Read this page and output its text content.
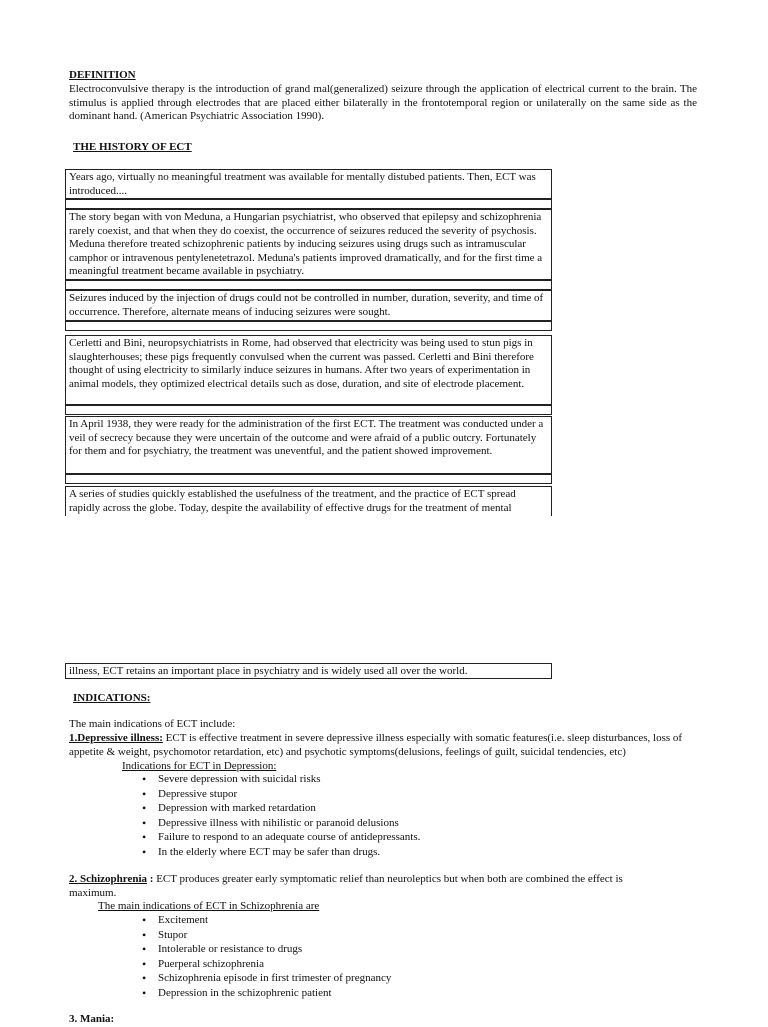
DEFINITION
Electroconvulsive therapy is the introduction of grand mal(generalized) seizure through the application of electrical current to the brain. The stimulus is applied through electrodes that are placed either bilaterally in the frontotemporal region or unilaterally on the same side as the dominant hand. (American Psychiatric Association 1990).
THE HISTORY OF ECT
Years ago, virtually no meaningful treatment was available for mentally distubed patients. Then, ECT was introduced....
The story began with von Meduna, a Hungarian psychiatrist, who observed that epilepsy and schizophrenia rarely coexist, and that when they do coexist, the occurrence of seizures reduced the severity of psychosis. Meduna therefore treated schizophrenic patients by inducing seizures using drugs such as intramuscular camphor or intravenous pentylenetetrazol. Meduna's patients improved dramatically, and for the first time a meaningful treatment became available in psychiatry.
Seizures induced by the injection of drugs could not be controlled in number, duration, severity, and time of occurrence. Therefore, alternate means of inducing seizures were sought.
Cerletti and Bini, neuropsychiatrists in Rome, had observed that electricity was being used to stun pigs in slaughterhouses; these pigs frequently convulsed when the current was passed. Cerletti and Bini therefore thought of using electricity to similarly induce seizures in humans. After two years of experimentation in animal models, they optimized electrical details such as dose, duration, and site of electrode placement.
In April 1938, they were ready for the administration of the first ECT. The treatment was conducted under a veil of secrecy because they were uncertain of the outcome and were afraid of a public outcry. Fortunately for them and for psychiatry, the treatment was uneventful, and the patient showed improvement.
A series of studies quickly established the usefulness of the treatment, and the practice of ECT spread rapidly across the globe. Today, despite the availability of effective drugs for the treatment of mental
illness, ECT retains an important place in psychiatry and is widely used all over the world.
INDICATIONS:
The main indications of ECT include:
1.Depressive illness: ECT is effective treatment in severe depressive illness especially with somatic features(i.e. sleep disturbances, loss of appetite & weight, psychomotor retardation, etc) and psychotic symptoms(delusions, feelings of guilt, suicidal tendencies, etc)
Indications for ECT in Depression:
• Severe depression with suicidal risks
• Depressive stupor
• Depression with marked retardation
• Depressive illness with nihilistic or paranoid delusions
• Failure to respond to an adequate course of antidepressants.
• In the elderly where ECT may be safer than drugs.
2. Schizophrenia : ECT produces greater early symptomatic relief than neuroleptics but when both are combined the effect is maximum.
The main indications of ECT in Schizophrenia are
• Excitement
• Stupor
• Intolerable or resistance to drugs
• Puerperal schizophrenia
• Schizophrenia episode in first trimester of pregnancy
• Depression in the schizophrenic patient
3. Mania:
